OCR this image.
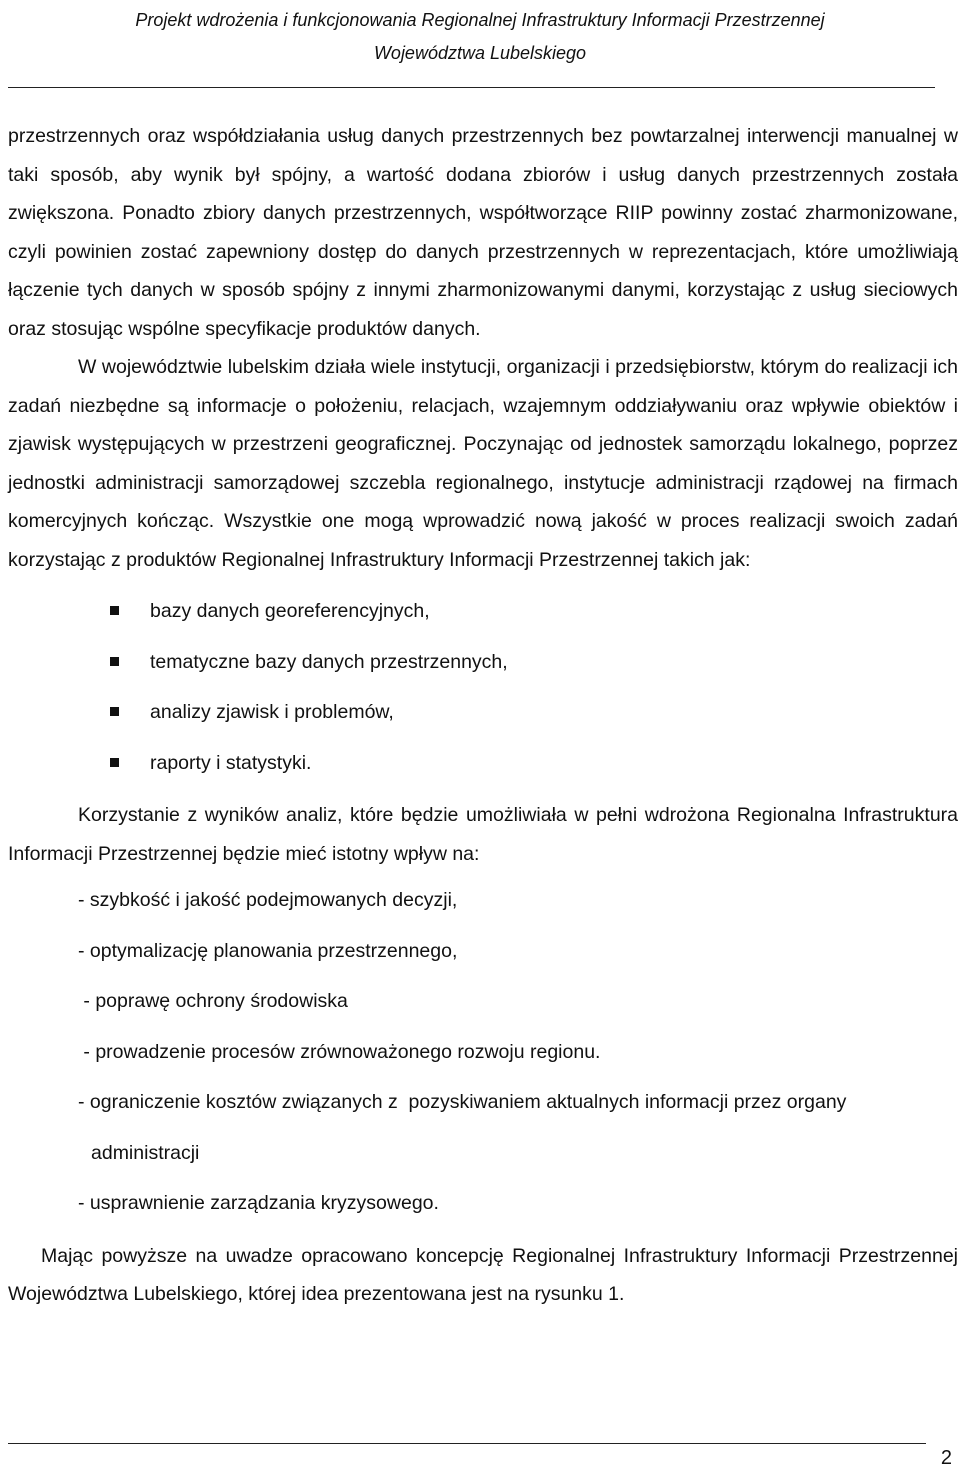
Projekt wdrożenia i funkcjonowania Regionalnej Infrastruktury Informacji Przestrzennej
Województwa Lubelskiego

przestrzennych oraz współdziałania usług danych przestrzennych bez powtarzalnej interwencji manualnej w taki sposób, aby wynik był spójny, a wartość dodana zbiorów i usług danych przestrzennych została zwiększona. Ponadto zbiory danych przestrzennych, współtworzące RIIP powinny zostać zharmonizowane, czyli powinien zostać zapewniony dostęp do danych przestrzennych w reprezentacjach, które umożliwiają łączenie tych danych w sposób spójny z innymi zharmonizowanymi danymi, korzystając z usług sieciowych oraz stosując wspólne specyfikacje produktów danych.

W województwie lubelskim działa wiele instytucji, organizacji i przedsiębiorstw, którym do realizacji ich zadań niezbędne są informacje o położeniu, relacjach, wzajemnym oddziaływaniu oraz wpływie obiektów i zjawisk występujących w przestrzeni geograficznej. Poczynając od jednostek samorządu lokalnego, poprzez jednostki administracji samorządowej szczebla regionalnego, instytucje administracji rządowej na firmach komercyjnych kończąc. Wszystkie one mogą wprowadzić nową jakość w proces realizacji swoich zadań korzystając z produktów Regionalnej Infrastruktury Informacji Przestrzennej takich jak:

bazy danych georeferencyjnych,
tematyczne bazy danych przestrzennych,
analizy zjawisk i problemów,
raporty i statystyki.

Korzystanie z wyników analiz, które będzie umożliwiała w pełni wdrożona Regionalna Infrastruktura Informacji Przestrzennej będzie mieć istotny wpływ na:

- szybkość i jakość podejmowanych decyzji,
- optymalizację planowania przestrzennego,
- poprawę ochrony środowiska
- prowadzenie procesów zrównoważonego rozwoju regionu.
- ograniczenie kosztów związanych z  pozyskiwaniem aktualnych informacji przez organy
administracji
- usprawnienie zarządzania kryzysowego.

Mając powyższe na uwadze opracowano koncepcję Regionalnej Infrastruktury Informacji Przestrzennej Województwa Lubelskiego, której idea prezentowana jest na rysunku 1.

2
